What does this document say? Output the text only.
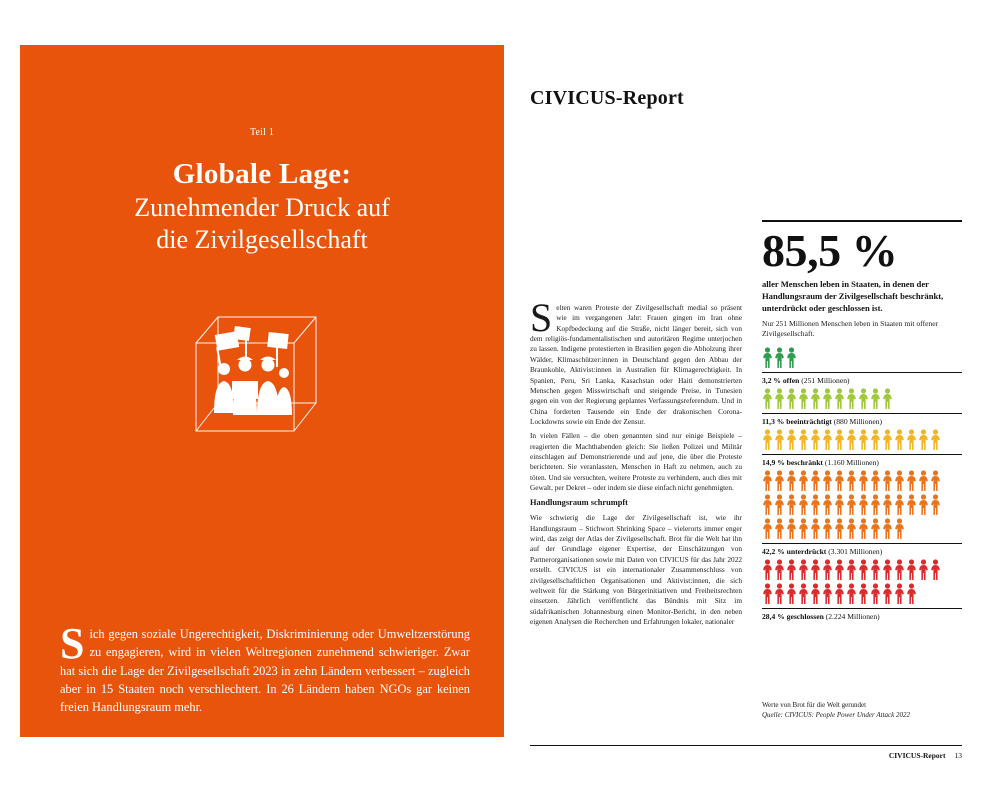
Teil 1
Globale Lage:
Zunehmender Druck auf
die Zivilgesellschaft
Sich gegen soziale Ungerechtigkeit, Diskriminierung oder Umweltzerstörung zu engagieren, wird in vielen Weltregionen zunehmend schwieriger. Zwar hat sich die Lage der Zivilgesellschaft 2023 in zehn Ländern verbessert – zugleich aber in 15 Staaten noch verschlechtert. In 26 Ländern haben NGOs gar keinen freien Handlungsraum mehr.
12 Atlas der Zivilgesellschaft 2023
CIVICUS-Report

Selten waren Proteste der Zivilgesellschaft medial so präsent wie im vergangenen Jahr: Frauen gingen im Iran ohne Kopfbedeckung auf die Straße, nicht länger bereit, sich von dem religiös-fundamentalistischen und autoritären Regime unterjochen zu lassen. Indigene protestierten in Brasilien gegen die Abholzung ihrer Wälder, Klimaschützer:innen in Deutschland gegen den Abbau der Braunkohle, Aktivist:innen in Australien für Klimagerechtigkeit. In Spanien, Peru, Sri Lanka, Kasachstan oder Haiti demonstrierten Menschen gegen Misswirtschaft und steigende Preise, in Tunesien gegen ein von der Regierung geplantes Verfassungsreferendum. Und in China forderten Tausende ein Ende der drakonischen Corona-Lockdowns sowie ein Ende der Zensur.

In vielen Fällen – die oben genannten sind nur einige Beispiele – reagierten die Machthabenden gleich: Sie ließen Polizei und Militär einschlagen auf Demonstrierende und auf jene, die über die Proteste berichteten. Sie veranlassten, Menschen in Haft zu nehmen, auch zu töten. Und sie versuchten, weitere Proteste zu verhindern, auch dies mit Gewalt, per Dekret – oder indem sie diese einfach nicht genehmigten.

Handlungsraum schrumpft

Wie schwierig die Lage der Zivilgesellschaft ist, wie ihr Handlungsraum – Stichwort Shrinking Space – vielerorts immer enger wird, das zeigt der Atlas der Zivilgesellschaft. Brot für die Welt hat ihn auf der Grundlage eigener Expertise, der Einschätzungen von Partnerorganisationen sowie mit Daten von CIVICUS für das Jahr 2022 erstellt. CIVICUS ist ein internationaler Zusammenschluss von zivilgesellschaftlichen Organisationen und Aktivist:innen, die sich weltweit für die Stärkung von Bürgerinitiativen und Freiheitsrechten einsetzen. Jährlich veröffentlicht das Bündnis mit Sitz im südafrikanischen Johannesburg einen Monitor-Bericht, in den neben eigenen Analysen die Recherchen und Erfahrungen lokaler, nationaler

85,5 %
aller Menschen leben in Staaten, in denen der Handlungsraum der Zivilgesellschaft beschränkt, unterdrückt oder geschlossen ist.
Nur 251 Millionen Menschen leben in Staaten mit offener Zivilgesellschaft.
3,2 % offen (251 Millionen)
11,3 % beeinträchtigt (880 Millionen)
14,9 % beschränkt (1.160 Millionen)
42,2 % unterdrückt (3.301 Millionen)
28,4 % geschlossen (2.224 Millionen)
Werte von Brot für die Welt gerundet
Quelle: CIVICUS: People Power Under Attack 2022
13
CIVICUS-Report
